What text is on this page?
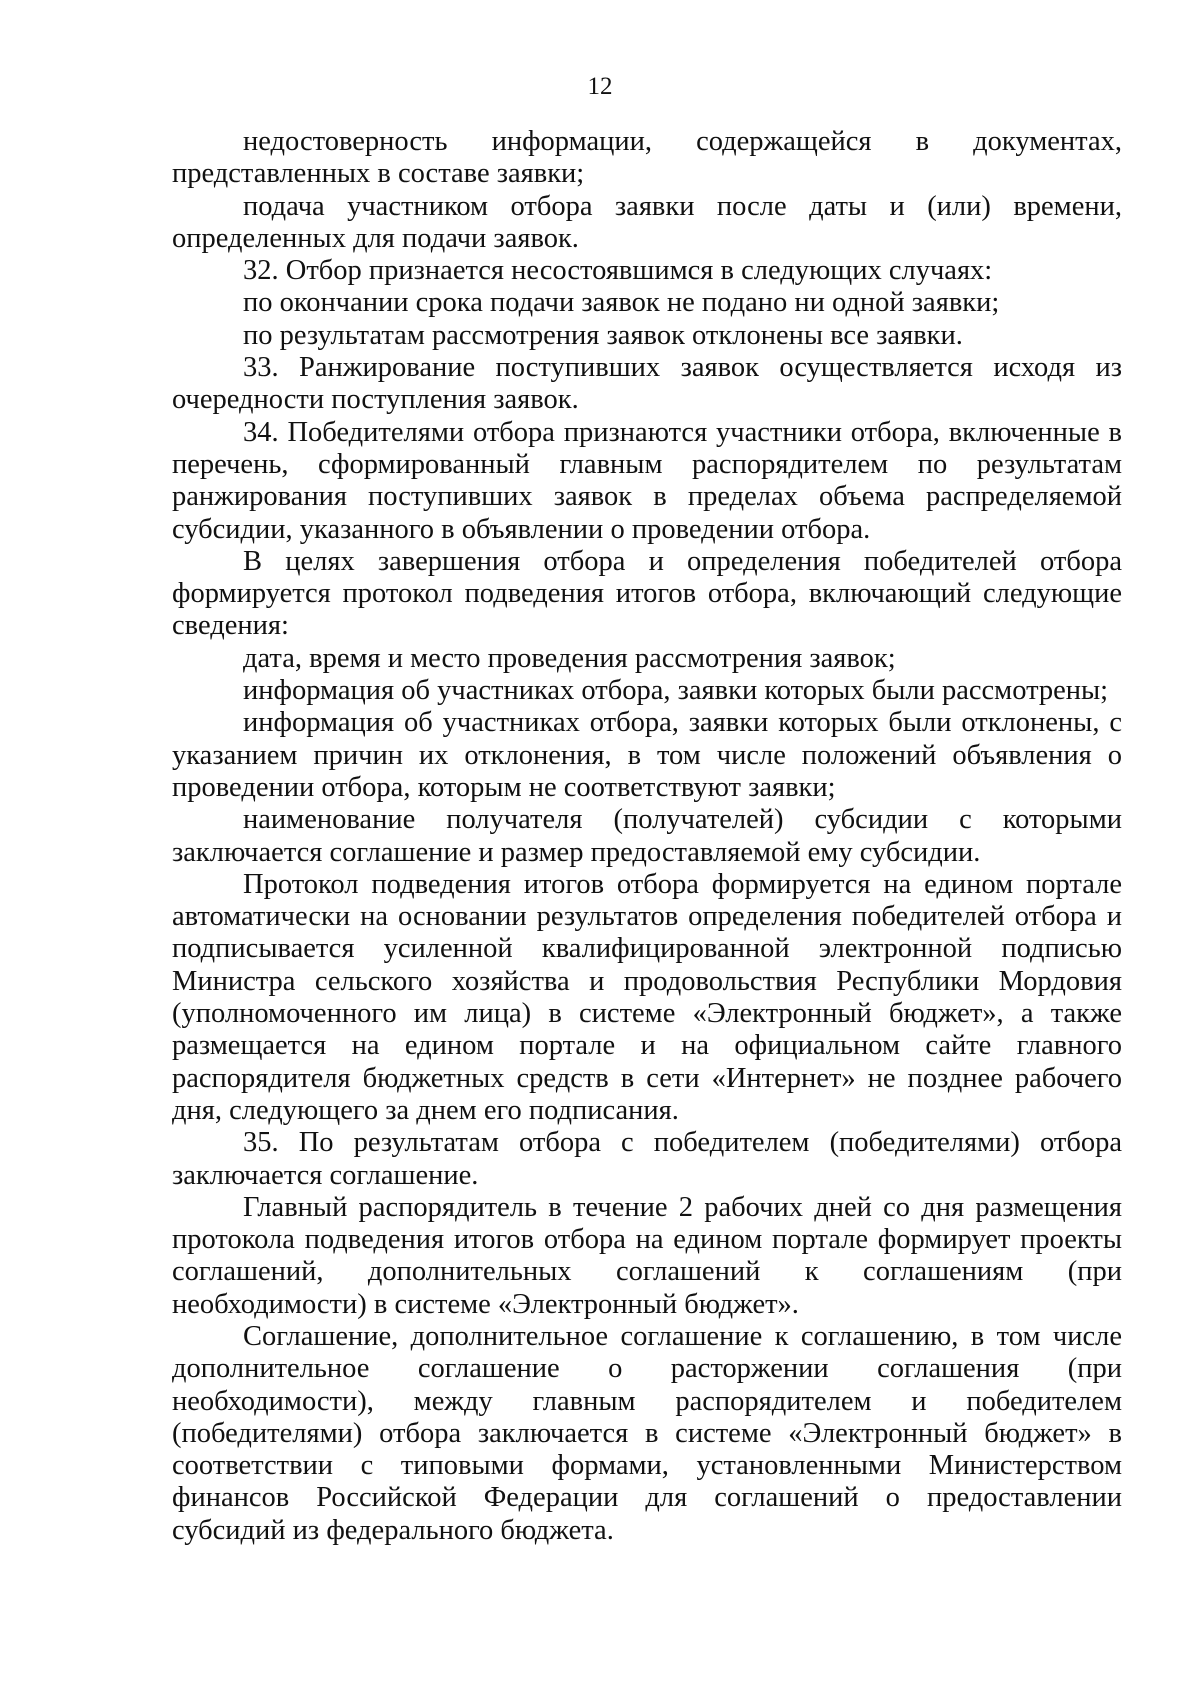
12

недостоверность информации, содержащейся в документах, представленных в составе заявки;

подача участником отбора заявки после даты и (или) времени, определенных для подачи заявок.

32. Отбор признается несостоявшимся в следующих случаях:

по окончании срока подачи заявок не подано ни одной заявки;

по результатам рассмотрения заявок отклонены все заявки.

33. Ранжирование поступивших заявок осуществляется исходя из очередности поступления заявок.

34. Победителями отбора признаются участники отбора, включенные в перечень, сформированный главным распорядителем по результатам ранжирования поступивших заявок в пределах объема распределяемой субсидии, указанного в объявлении о проведении отбора.

В целях завершения отбора и определения победителей отбора формируется протокол подведения итогов отбора, включающий следующие сведения:

дата, время и место проведения рассмотрения заявок;

информация об участниках отбора, заявки которых были рассмотрены;

информация об участниках отбора, заявки которых были отклонены, с указанием причин их отклонения, в том числе положений объявления о проведении отбора, которым не соответствуют заявки;

наименование получателя (получателей) субсидии с которыми заключается соглашение и размер предоставляемой ему субсидии.

Протокол подведения итогов отбора формируется на едином портале автоматически на основании результатов определения победителей отбора и подписывается усиленной квалифицированной электронной подписью Министра сельского хозяйства и продовольствия Республики Мордовия (уполномоченного им лица) в системе «Электронный бюджет», а также размещается на едином портале и на официальном сайте главного распорядителя бюджетных средств в сети «Интернет» не позднее рабочего дня, следующего за днем его подписания.

35. По результатам отбора с победителем (победителями) отбора заключается соглашение.

Главный распорядитель в течение 2 рабочих дней со дня размещения протокола подведения итогов отбора на едином портале формирует проекты соглашений, дополнительных соглашений к соглашениям (при необходимости) в системе «Электронный бюджет».

Соглашение, дополнительное соглашение к соглашению, в том числе дополнительное соглашение о расторжении соглашения (при необходимости), между главным распорядителем и победителем (победителями) отбора заключается в системе «Электронный бюджет» в соответствии с типовыми формами, установленными Министерством финансов Российской Федерации для соглашений о предоставлении субсидий из федерального бюджета.
